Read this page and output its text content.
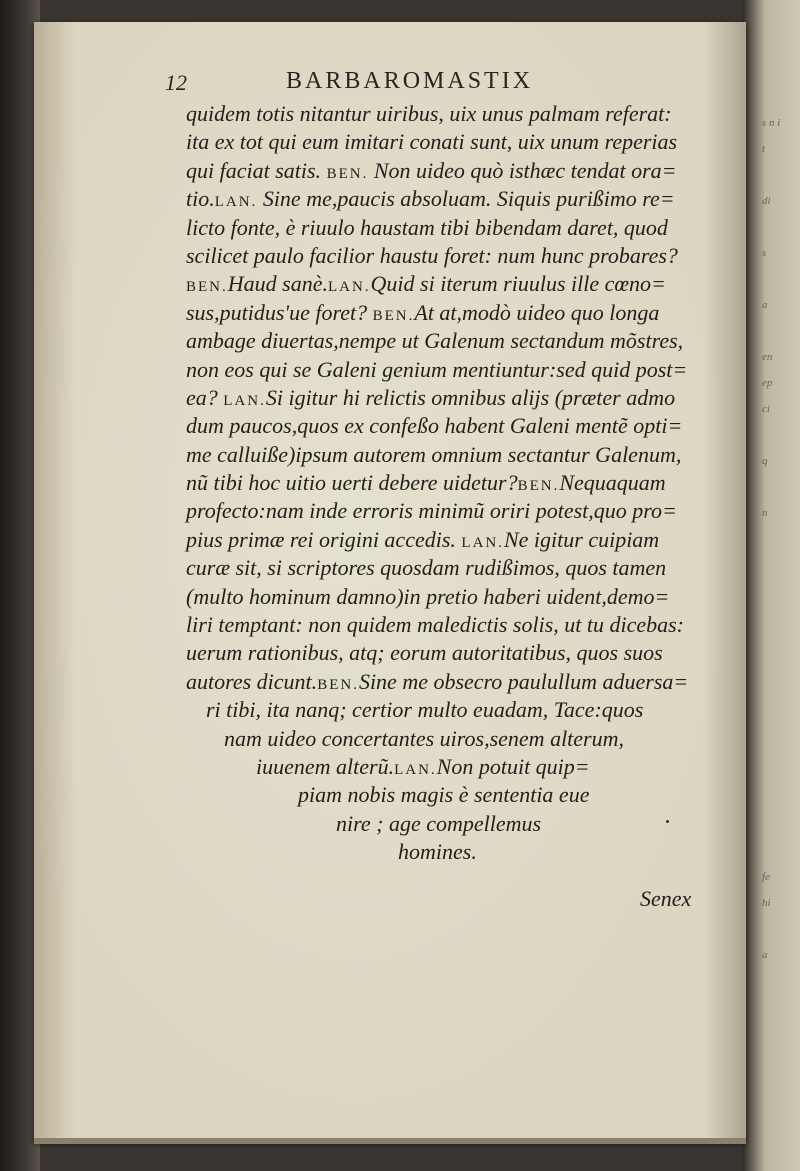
s n i
t

di

s

a

en
ep
ci

q

n

fe
hi

a
12	BARBAROMASTIX
quidem totis nitantur uiribus, uix unus palmam referat:
ita ex tot qui eum imitari conati sunt, uix unum reperias
qui faciat satis. BEN. Non uideo quò isthæc tendat ora=
tio.LAN. Sine me,paucis absoluam. Siquis purißimo re=
licto fonte, è riuulo haustam tibi bibendam daret, quod
scilicet paulo facilior haustu foret: num hunc probares?
BEN.Haud sanè.LAN.Quid si iterum riuulus ille cœno=
sus,putidus'ue foret? BEN.At at,modò uideo quo longa
ambage diuertas,nempe ut Galenum sectandum mõstres,
non eos qui se Galeni genium mentiuntur:sed quid post=
ea? LAN.Si igitur hi relictis omnibus alijs (præter admo
dum paucos,quos ex confeßo habent Galeni mentẽ opti=
me calluiße)ipsum autorem omnium sectantur Galenum,
nũ tibi hoc uitio uerti debere uidetur?BEN.Nequaquam
profecto:nam inde erroris minimũ oriri potest,quo pro=
pius primæ rei origini accedis. LAN.Ne igitur cuipiam
curæ sit, si scriptores quosdam rudißimos, quos tamen
(multo hominum damno)in pretio haberi uident,demo=
liri temptant: non quidem maledictis solis, ut tu dicebas:
uerum rationibus, atq; eorum autoritatibus, quos suos
autores dicunt.BEN.Sine me obsecro paulullum aduersa=
ri tibi, ita nanq; certior multo euadam, Tace:quos
nam uideo concertantes uiros,senem alterum,
iuuenem alterũ.LAN.Non potuit quip=
piam nobis magis è sententia eue
nire ; age compellemus
homines.
Senex
